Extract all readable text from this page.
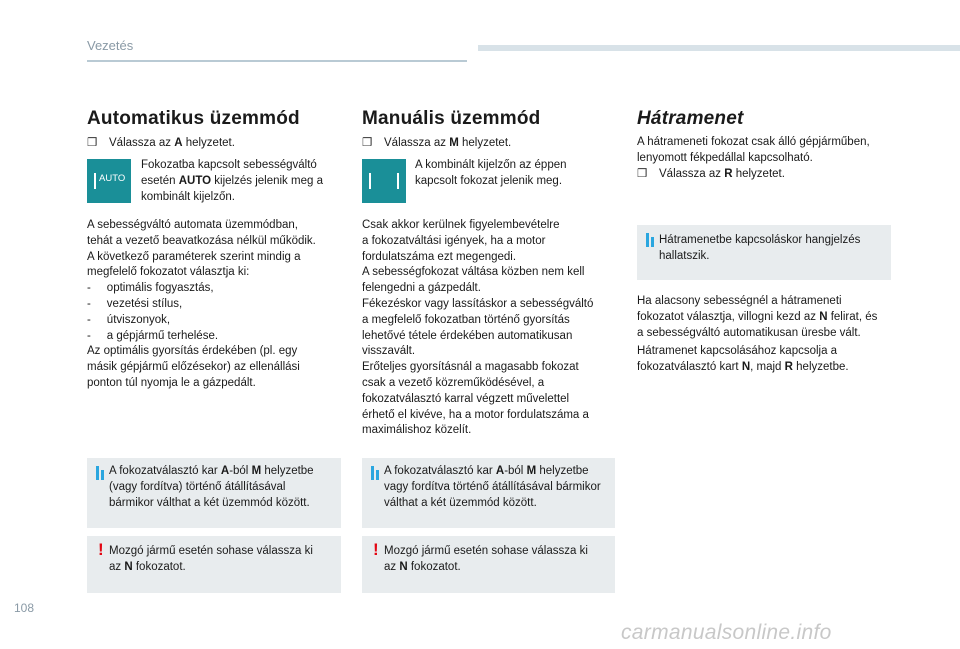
Vezetés
Automatikus üzemmód
❒ Válassza az A helyzetet.
AUTO
Fokozatba kapcsolt sebességváltó
esetén AUTO kijelzés jelenik meg a
kombinált kijelzőn.
A sebességváltó automata üzemmódban,
tehát a vezető beavatkozása nélkül működik.
A következő paraméterek szerint mindig a
megfelelő fokozatot választja ki:
-     optimális fogyasztás,
-     vezetési stílus,
-     útviszonyok,
-     a gépjármű terhelése.
Az optimális gyorsítás érdekében (pl. egy
másik gépjármű előzésekor) az ellenállási
ponton túl nyomja le a gázpedált.
A fokozatválasztó kar A-ból M helyzetbe
(vagy fordítva) történő átállításával
bármikor válthat a két üzemmód között.
! Mozgó jármű esetén sohase válassza ki
az N fokozatot.
Manuális üzemmód
❒ Válassza az M helyzetet.
A kombinált kijelzőn az éppen
kapcsolt fokozat jelenik meg.
Csak akkor kerülnek figyelembevételre
a fokozatváltási igények, ha a motor
fordulatszáma ezt megengedi.
A sebességfokozat váltása közben nem kell
felengedni a gázpedált.
Fékezéskor vagy lassításkor a sebességváltó
a megfelelő fokozatban történő gyorsítás
lehetővé tétele érdekében automatikusan
visszavált.
Erőteljes gyorsításnál a magasabb fokozat
csak a vezető közreműködésével, a
fokozatválasztó karral végzett művelettel
érhető el kivéve, ha a motor fordulatszáma a
maximálishoz közelít.
A fokozatválasztó kar A-ból M helyzetbe
vagy fordítva történő átállításával bármikor
válthat a két üzemmód között.
! Mozgó jármű esetén sohase válassza ki
az N fokozatot.
Hátramenet
A hátrameneti fokozat csak álló gépjárműben,
lenyomott fékpedállal kapcsolható.
❒ Válassza az R helyzetet.
Hátramenetbe kapcsoláskor hangjelzés
hallatszik.
Ha alacsony sebességnél a hátrameneti
fokozatot választja, villogni kezd az N felirat, és
a sebességváltó automatikusan üresbe vált.
Hátramenet kapcsolásához kapcsolja a
fokozatválasztó kart N, majd R helyzetbe.
108
carmanualsonline.info
